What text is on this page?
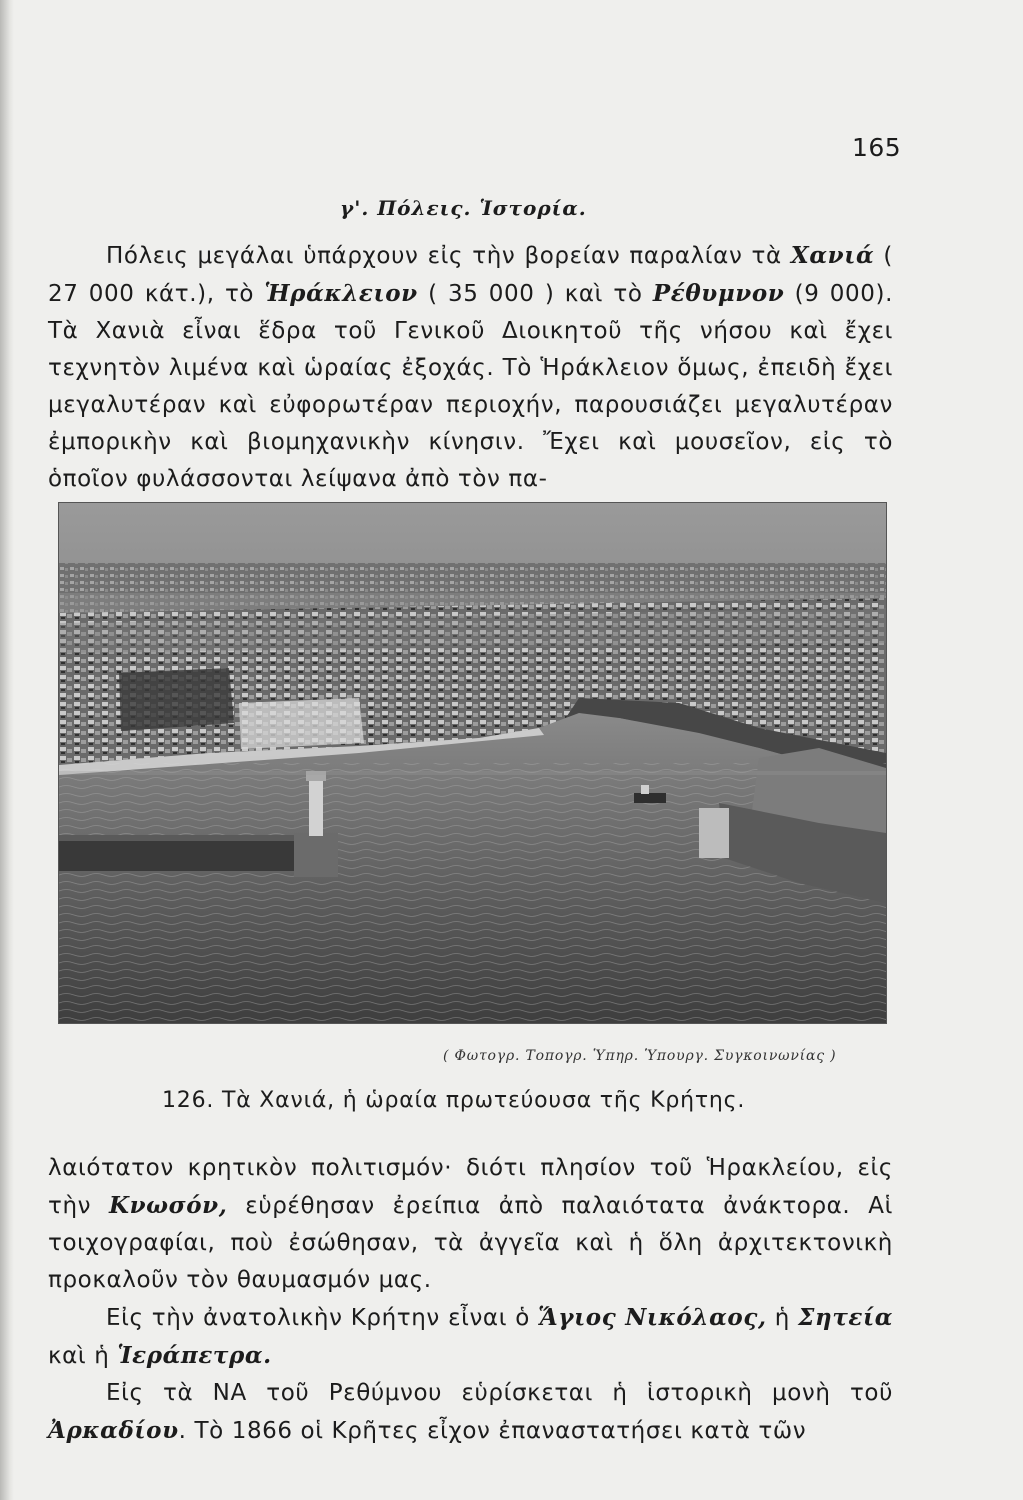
165
γ'. Πόλεις. Ἱστορία.

Πόλεις μεγάλαι ὑπάρχουν εἰς τὴν βορείαν παραλίαν τὰ Χανιά ( 27 000 κάτ.), τὸ Ἡράκλειον ( 35 000 ) καὶ τὸ Ρέθυμνον (9 000). Τὰ Χανιὰ εἶναι ἕδρα τοῦ Γενικοῦ Διοικητοῦ τῆς νήσου καὶ ἔχει τεχνητὸν λιμένα καὶ ὡραίας ἐξοχάς. Τὸ Ἡράκλειον ὅμως, ἐπειδὴ ἔχει μεγαλυτέραν καὶ εὐφορωτέραν περιοχήν, παρουσιάζει μεγαλυτέραν ἐμπορικὴν καὶ βιομηχανικὴν κίνησιν. Ἔχει καὶ μουσεῖον, εἰς τὸ ὁποῖον φυλάσσονται λείψανα ἀπὸ τὸν πα-

( Φωτογρ. Τοπογρ. Ὑπηρ. Ὑπουργ. Συγκοινωνίας )
126. Τὰ Χανιά, ἡ ὡραία πρωτεύουσα τῆς Κρήτης.

λαιότατον κρητικὸν πολιτισμόν· διότι πλησίον τοῦ Ἡρακλείου, εἰς τὴν Κνωσόν, εὑρέθησαν ἐρείπια ἀπὸ παλαιότατα ἀνάκτορα. Αἱ τοιχογραφίαι, ποὺ ἐσώθησαν, τὰ ἀγγεῖα καὶ ἡ ὅλη ἀρχιτεκτονικὴ προκαλοῦν τὸν θαυμασμόν μας.

Εἰς τὴν ἀνατολικὴν Κρήτην εἶναι ὁ Ἅγιος Νικόλαος, ἡ Σητεία καὶ ἡ Ἱεράπετρα.

Εἰς τὰ ΝΑ τοῦ Ρεθύμνου εὑρίσκεται ἡ ἱστορικὴ μονὴ τοῦ Ἀρκαδίου. Τὸ 1866 οἱ Κρῆτες εἶχον ἐπαναστατήσει κατὰ τῶν
